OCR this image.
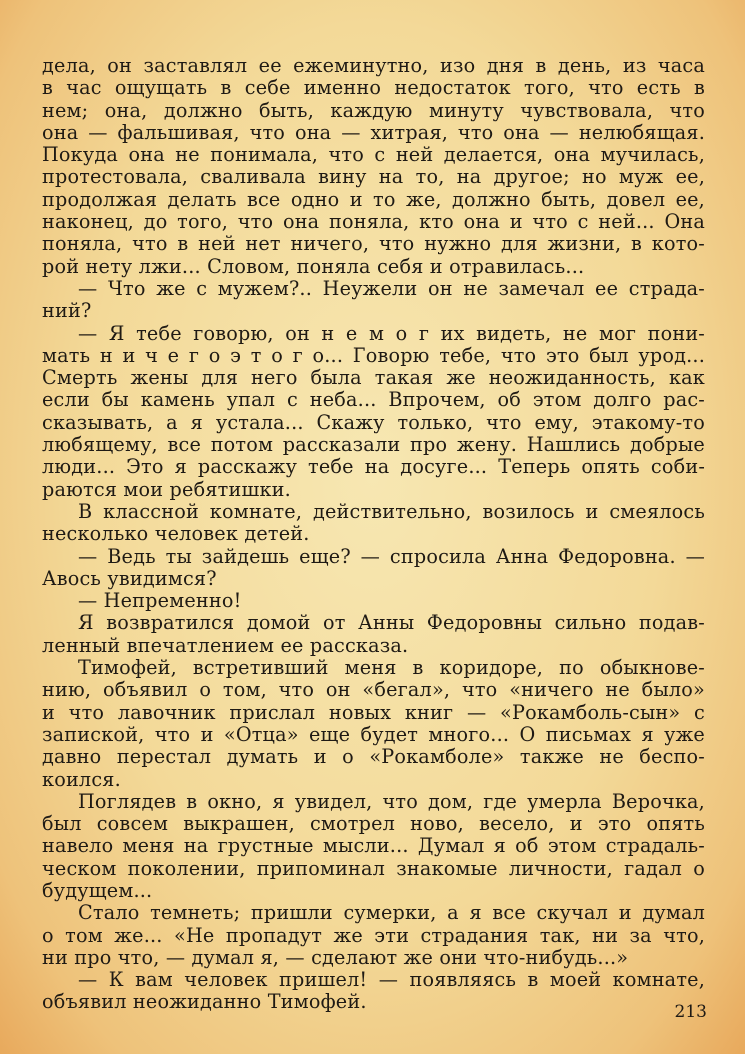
дела, он заставлял ее ежеминутно, изо дня в день, из часа
в час ощущать в себе именно недостаток того, что есть в
нем; она, должно быть, каждую минуту чувствовала, что
она — фальшивая, что она — хитрая, что она — нелюбящая.
Покуда она не понимала, что с ней делается, она мучилась,
протестовала, сваливала вину на то, на другое; но муж ее,
продолжая делать все одно и то же, должно быть, довел ее,
наконец, до того, что она поняла, кто она и что с ней... Она
поняла, что в ней нет ничего, что нужно для жизни, в кото-
рой нету лжи... Словом, поняла себя и отравилась...
— Что же с мужем?.. Неужели он не замечал ее страда-
ний?
— Я тебе говорю, он н е м о г их видеть, не мог пони-
мать н и ч е г о э т о г о... Говорю тебе, что это был урод...
Смерть жены для него была такая же неожиданность, как
если бы камень упал с неба... Впрочем, об этом долго рас-
сказывать, а я устала... Скажу только, что ему, этакому-то
любящему, все потом рассказали про жену. Нашлись добрые
люди... Это я расскажу тебе на досуге... Теперь опять соби-
раются мои ребятишки.
В классной комнате, действительно, возилось и смеялось
несколько человек детей.
— Ведь ты зайдешь еще? — спросила Анна Федоровна. —
Авось увидимся?
— Непременно!
Я возвратился домой от Анны Федоровны сильно подав-
ленный впечатлением ее рассказа.
Тимофей, встретивший меня в коридоре, по обыкнове-
нию, объявил о том, что он «бегал», что «ничего не было»
и что лавочник прислал новых книг — «Рокамболь-сын» с
запиской, что и «Отца» еще будет много... О письмах я уже
давно перестал думать и о «Рокамболе» также не беспо-
коился.
Поглядев в окно, я увидел, что дом, где умерла Верочка,
был совсем выкрашен, смотрел ново, весело, и это опять
навело меня на грустные мысли... Думал я об этом страдаль-
ческом поколении, припоминал знакомые личности, гадал о
будущем...
Стало темнеть; пришли сумерки, а я все скучал и думал
о том же... «Не пропадут же эти страдания так, ни за что,
ни про что, — думал я, — сделают же они что-нибудь...»
— К вам человек пришел! — появляясь в моей комнате,
объявил неожиданно Тимофей.	213
